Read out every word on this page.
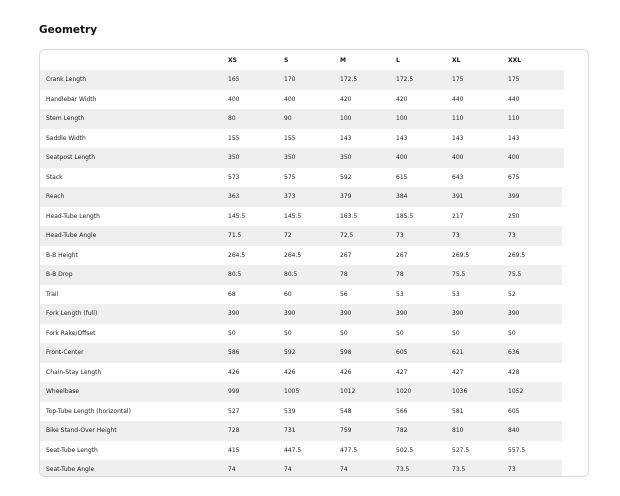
Geometry
	XS	S	M	L	XL	XXL
Crank Length	165	170	172.5	172.5	175	175
Handlebar Width	400	400	420	420	440	440
Stem Length	80	90	100	100	110	110
Saddle Width	155	155	143	143	143	143
Seatpost Length	350	350	350	400	400	400
Stack	573	575	592	615	643	675
Reach	363	373	379	384	391	399
Head-Tube Length	145.5	145.5	163.5	185.5	217	250
Head-Tube Angle	71.5	72	72.5	73	73	73
B-B Height	264.5	264.5	267	267	269.5	269.5
B-B Drop	80.5	80.5	78	78	75.5	75.5
Trail	68	60	56	53	53	52
Fork Length (full)	390	390	390	390	390	390
Fork Rake/Offset	50	50	50	50	50	50
Front-Center	586	592	598	605	621	636
Chain-Stay Length	426	426	426	427	427	428
Wheelbase	999	1005	1012	1020	1036	1052
Top-Tube Length (horizontal)	527	539	548	566	581	605
Bike Stand-Over Height	728	731	759	782	810	840
Seat-Tube Length	415	447.5	477.5	502.5	527.5	557.5
Seat-Tube Angle	74	74	74	73.5	73.5	73
